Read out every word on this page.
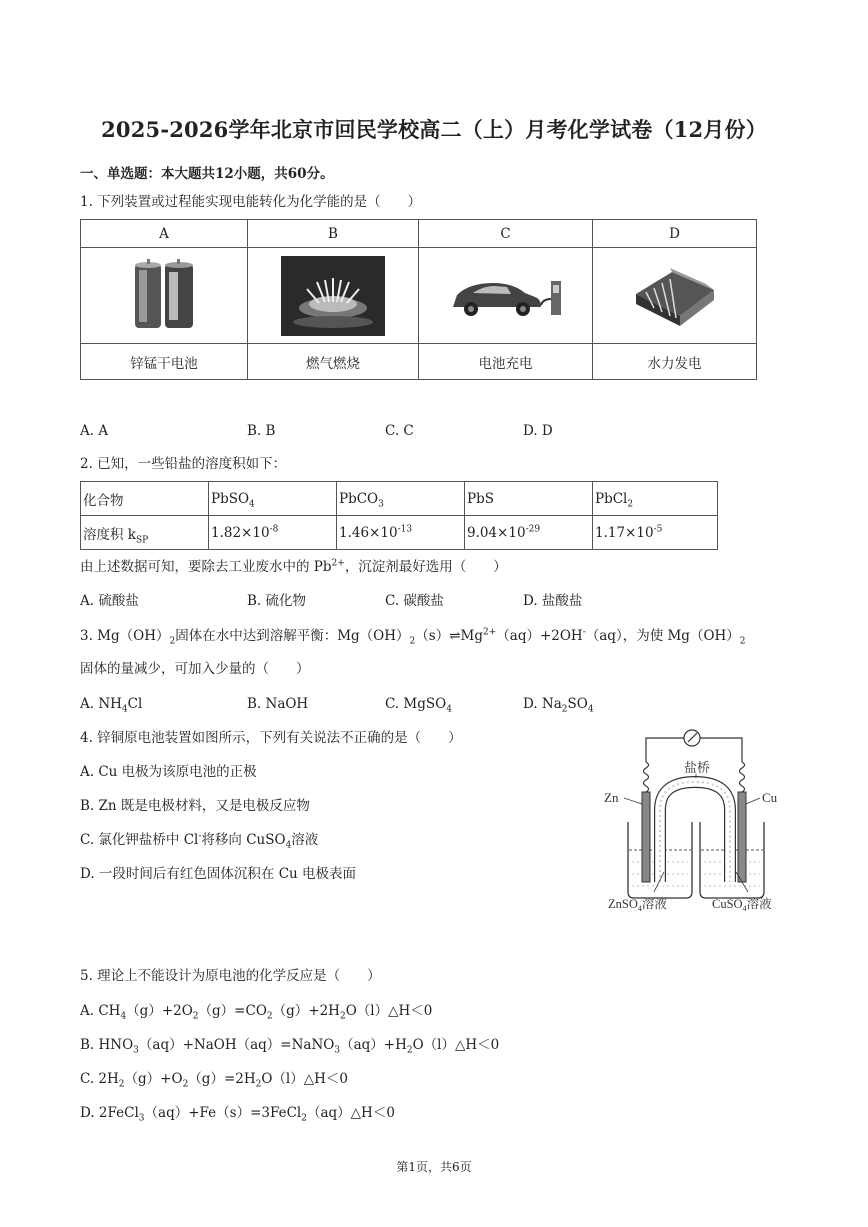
2025-2026学年北京市回民学校高二（上）月考化学试卷（12月份）
一、单选题：本大题共12小题，共60分。
1. 下列装置或过程能实现电能转化为化学能的是（　　）
A	B	C	D

锌锰干电池	燃气燃烧	电池充电	水力发电
A. A	B. B	C. C	D. D
2. 已知，一些铅盐的溶度积如下：
化合物	PbSO$_4$	PbCO$_3$	PbS	PbCl$_2$
溶度积 $k_{SP}$	$1.82\times 10^{-8}$	$1.46\times 10^{-13}$	$9.04\times 10^{-29}$	$1.17\times 10^{-5}$
由上述数据可知，要除去工业废水中的 $Pb^{2+}$，沉淀剂最好选用（　　）
A. 硫酸盐	B. 硫化物	C. 碳酸盐	D. 盐酸盐
3. $Mg(OH)_2$固体在水中达到溶解平衡：$Mg(OH)_2(s)\rightleftharpoons Mg^{2+}(aq)+2OH^-(aq)$，为使 $Mg(OH)_2$
固体的量减少，可加入少量的（　　）
A. $NH_4Cl$	B. NaOH	C. MgSO$_4$	D. $Na_2SO_4$
4. 锌铜原电池装置如图所示，下列有关说法不正确的是（　　）
A. Cu 电极为该原电池的正极
B. Zn 既是电极材料，又是电极反应物
C. 氯化钾盐桥中 Cl-将移向 CuSO$_4$溶液
D. 一段时间后有红色固体沉积在 Cu 电极表面
Zn	Cu
盐桥
ZnSO$_4$溶液	CuSO$_4$溶液
5. 理论上不能设计为原电池的化学反应是（　　）
A. $CH_4(g)+2O_2(g)=CO_2(g)+2H_2O(l)\triangle H<0$
B. $HNO_3(aq)+NaOH(aq)=NaNO_3(aq)+H_2O(l)\triangle H<0$
C. $2H_2(g)+O_2(g)=2H_2O(l)\triangle H<0$
D. 2FeCl$_3$（aq）+Fe（s）=3FeCl$_2$（aq）△H＜0
第1页，共6页
